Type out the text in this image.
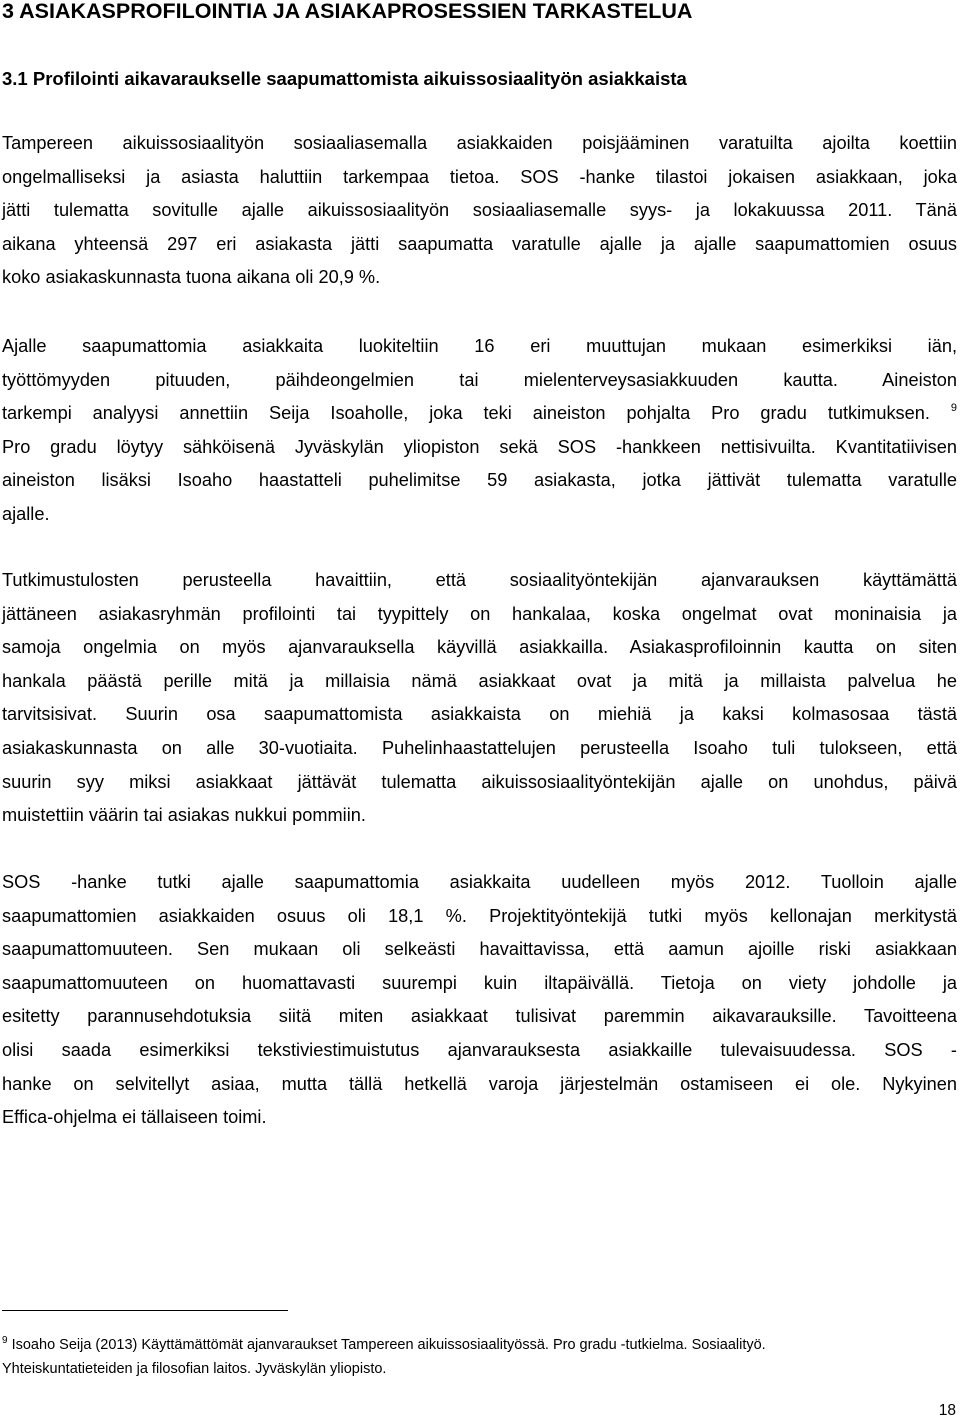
3 ASIAKASPROFILOINTIA JA ASIAKAPROSESSIEN TARKASTELUA
3.1 Profilointi aikavaraukselle saapumattomista aikuissosiaalityön asiakkaista

Tampereen aikuissosiaalityön sosiaaliasemalla asiakkaiden poisjääminen varatuilta ajoilta koettiin
ongelmalliseksi ja asiasta haluttiin tarkempaa tietoa. SOS -hanke tilastoi jokaisen asiakkaan, joka
jätti tulematta sovitulle ajalle aikuissosiaalityön sosiaaliasemalle syys- ja lokakuussa 2011. Tänä
aikana yhteensä 297 eri asiakasta jätti saapumatta varatulle ajalle ja ajalle saapumattomien osuus
koko asiakaskunnasta tuona aikana oli 20,9 %.

Ajalle saapumattomia asiakkaita luokiteltiin 16 eri muuttujan mukaan esimerkiksi iän,
työttömyyden pituuden, päihdeongelmien tai mielenterveysasiakkuuden kautta. Aineiston
tarkempi analyysi annettiin Seija Isoaholle, joka teki aineiston pohjalta Pro gradu tutkimuksen. $^9$
Pro gradu löytyy sähköisenä Jyväskylän yliopiston sekä SOS -hankkeen nettisivuilta. Kvantitatiivisen
aineiston lisäksi Isoaho haastatteli puhelimitse 59 asiakasta, jotka jättivät tulematta varatulle
ajalle.

Tutkimustulosten perusteella havaittiin, että sosiaalityöntekijän ajanvarauksen käyttämättä
jättäneen asiakasryhmän profilointi tai tyypittely on hankalaa, koska ongelmat ovat moninaisia ja
samoja ongelmia on myös ajanvarauksella käyvillä asiakkailla. Asiakasprofiloinnin kautta on siten
hankala päästä perille mitä ja millaisia nämä asiakkaat ovat ja mitä ja millaista palvelua he
tarvitsisivat. Suurin osa saapumattomista asiakkaista on miehiä ja kaksi kolmasosaa tästä
asiakaskunnasta on alle 30-vuotiaita. Puhelinhaastattelujen perusteella Isoaho tuli tulokseen, että
suurin syy miksi asiakkaat jättävät tulematta aikuissosiaalityöntekijän ajalle on unohdus, päivä
muistettiin väärin tai asiakas nukkui pommiin.

SOS -hanke tutki ajalle saapumattomia asiakkaita uudelleen myös 2012. Tuolloin ajalle
saapumattomien asiakkaiden osuus oli 18,1 %. Projektityöntekijä tutki myös kellonajan merkitystä
saapumattomuuteen. Sen mukaan oli selkeästi havaittavissa, että aamun ajoille riski asiakkaan
saapumattomuuteen on huomattavasti suurempi kuin iltapäivällä. Tietoja on viety johdolle ja
esitetty parannusehdotuksia siitä miten asiakkaat tulisivat paremmin aikavarauksille. Tavoitteena
olisi saada esimerkiksi tekstiviestimuistutus ajanvarauksesta asiakkaille tulevaisuudessa. SOS -
hanke on selvitellyt asiaa, mutta tällä hetkellä varoja järjestelmän ostamiseen ei ole. Nykyinen
Effica-ohjelma ei tällaiseen toimi.

$^9$ Isoaho Seija (2013) Käyttämättömät ajanvaraukset Tampereen aikuissosiaalityössä. Pro gradu -tutkielma. Sosiaalityö.
Yhteiskuntatieteiden ja filosofian laitos. Jyväskylän yliopisto.
18
